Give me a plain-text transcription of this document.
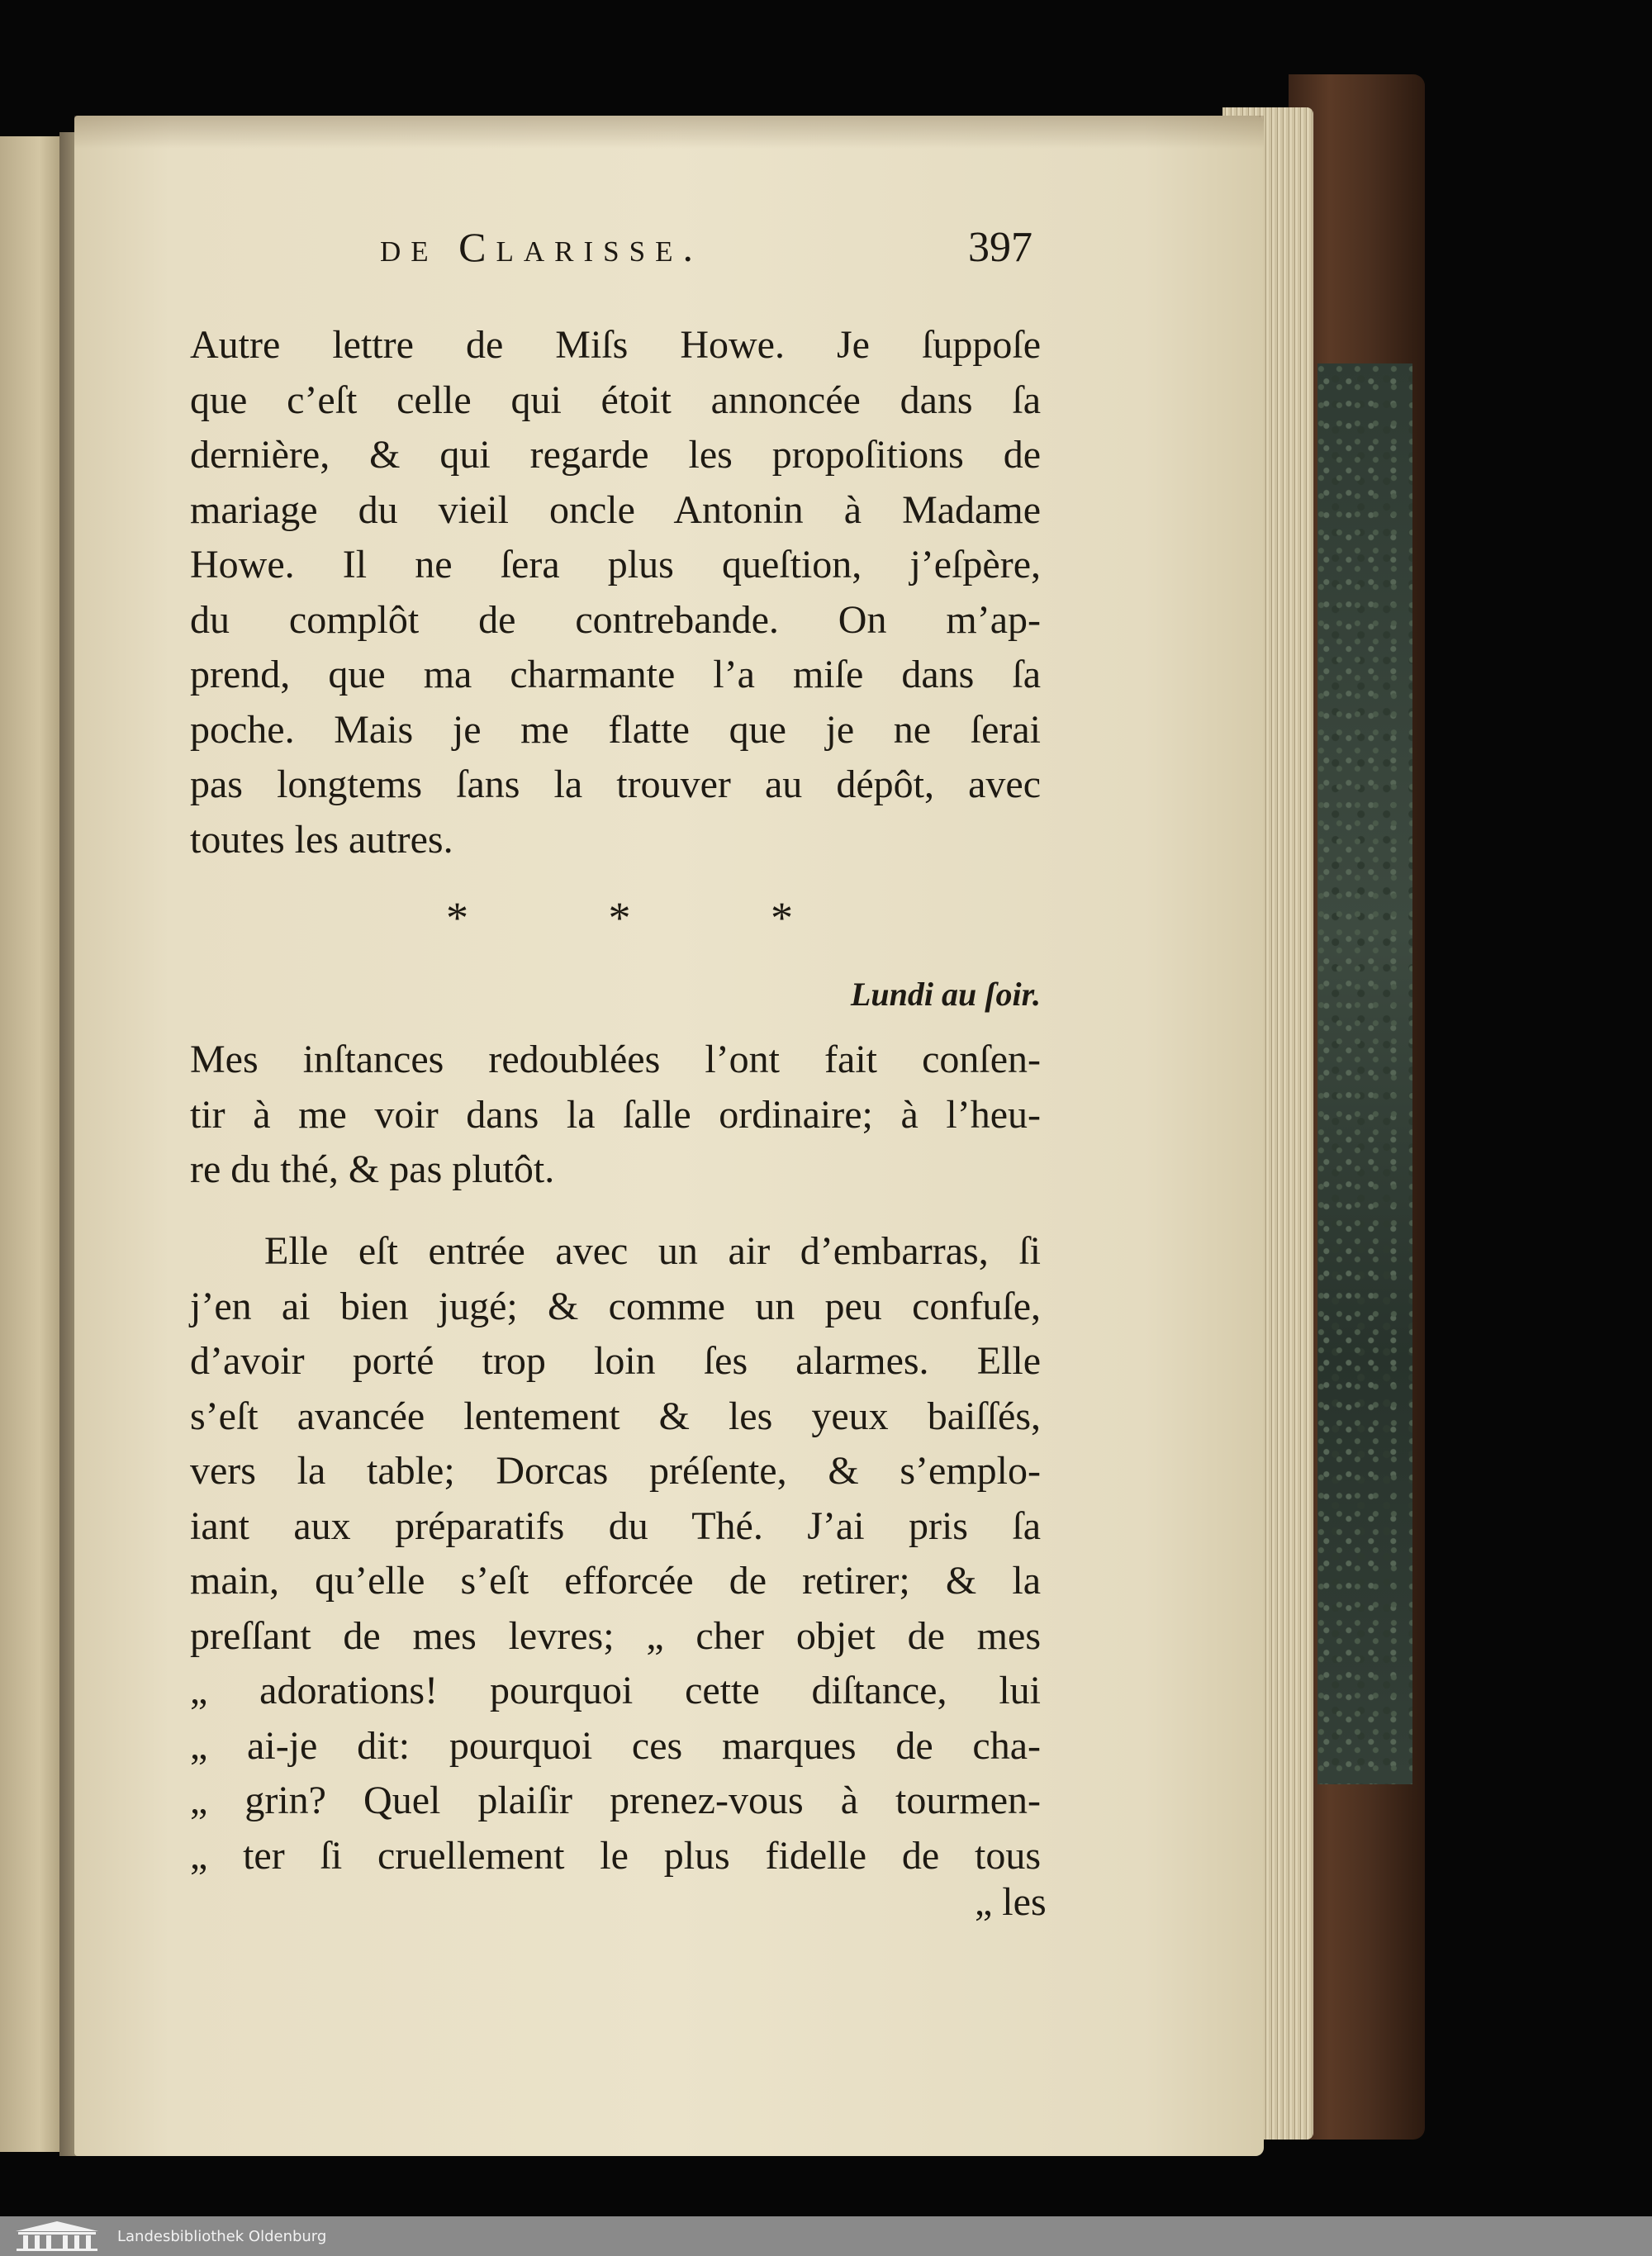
de Clarisse.	397
Autre lettre de Miſs Howe. Je ſuppoſe
que c’eſt celle qui étoit annoncée dans ſa
dernière, & qui regarde les propoſitions de
mariage du vieil oncle Antonin à Madame
Howe. Il ne ſera plus queſtion, j’eſpère,
du complôt de contrebande. On m’ap-
prend, que ma charmante l’a miſe dans ſa
poche. Mais je me flatte que je ne ſerai
pas longtems ſans la trouver au dépôt, avec
toutes les autres.
*	*	*
Lundi au ſoir.
Mes inſtances redoublées l’ont fait conſen-
tir à me voir dans la ſalle ordinaire; à l’heu-
re du thé, & pas plutôt.
Elle eſt entrée avec un air d’embarras, ſi
j’en ai bien jugé; & comme un peu confuſe,
d’avoir porté trop loin ſes alarmes. Elle
s’eſt avancée lentement & les yeux baiſſés,
vers la table; Dorcas préſente, & s’emplo-
iant aux préparatifs du Thé. J’ai pris ſa
main, qu’elle s’eſt efforcée de retirer; & la
preſſant de mes levres; „ cher objet de mes
„ adorations! pourquoi cette diſtance, lui
„ ai-je dit: pourquoi ces marques de cha-
„ grin? Quel plaiſir prenez-vous à tourmen-
„ ter ſi cruellement le plus fidelle de tous
„ les
Landesbibliothek Oldenburg
